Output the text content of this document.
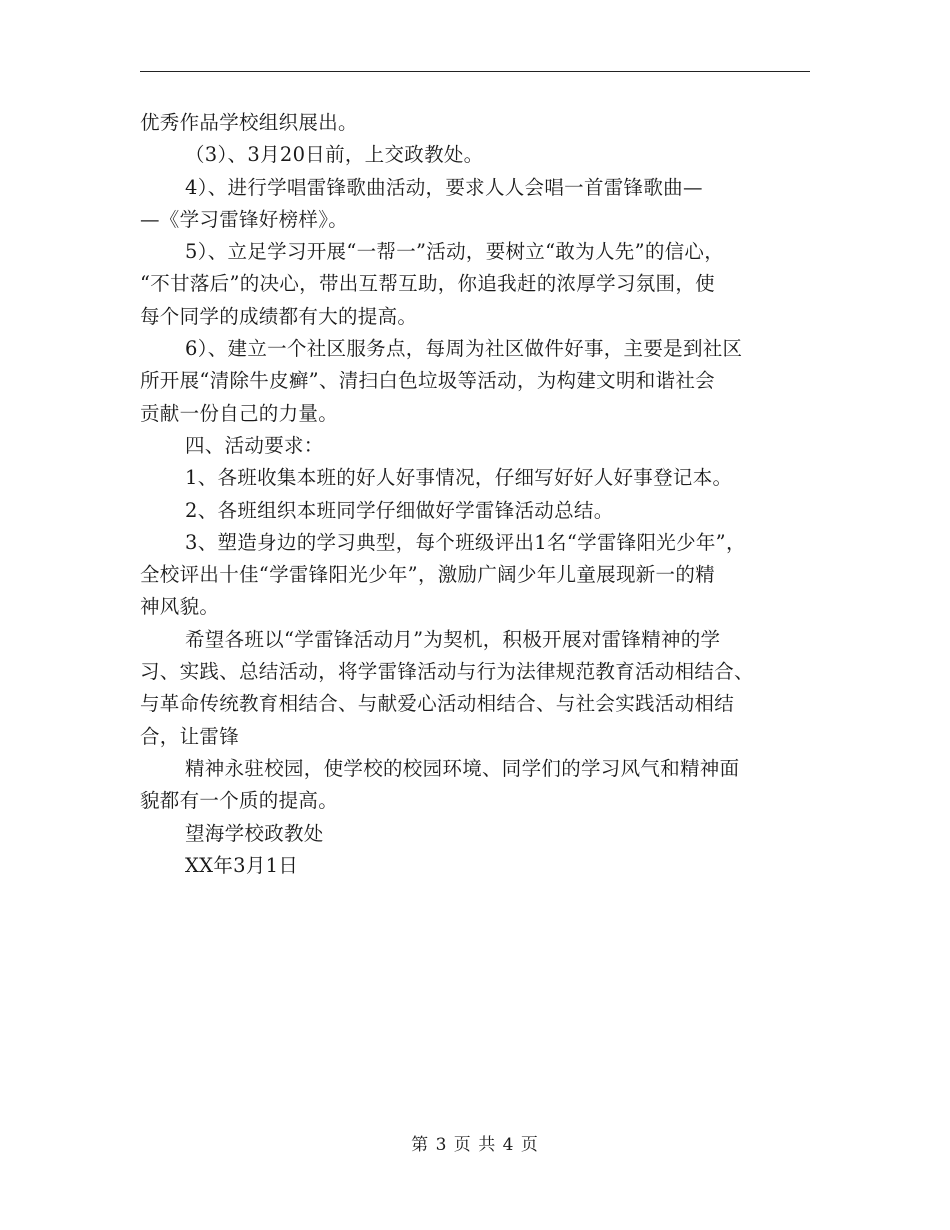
优秀作品学校组织展出。
（3）、3月20日前，上交政教处。
4）、进行学唱雷锋歌曲活动，要求人人会唱一首雷锋歌曲—
—《学习雷锋好榜样》。
5）、立足学习开展“一帮一”活动，要树立“敢为人先”的信心，
“不甘落后”的决心，带出互帮互助，你追我赶的浓厚学习氛围，使
每个同学的成绩都有大的提高。
6）、建立一个社区服务点，每周为社区做件好事，主要是到社区
所开展“清除牛皮癣”、清扫白色垃圾等活动，为构建文明和谐社会
贡献一份自己的力量。
四、活动要求：
1、各班收集本班的好人好事情况，仔细写好好人好事登记本。
2、各班组织本班同学仔细做好学雷锋活动总结。
3、塑造身边的学习典型，每个班级评出1名“学雷锋阳光少年”，
全校评出十佳“学雷锋阳光少年”，激励广阔少年儿童展现新一的精
神风貌。
希望各班以“学雷锋活动月”为契机，积极开展对雷锋精神的学
习、实践、总结活动，将学雷锋活动与行为法律规范教育活动相结合、
与革命传统教育相结合、与献爱心活动相结合、与社会实践活动相结
合，让雷锋
精神永驻校园，使学校的校园环境、同学们的学习风气和精神面
貌都有一个质的提高。
望海学校政教处
XX年3月1日
第 3 页 共 4 页
